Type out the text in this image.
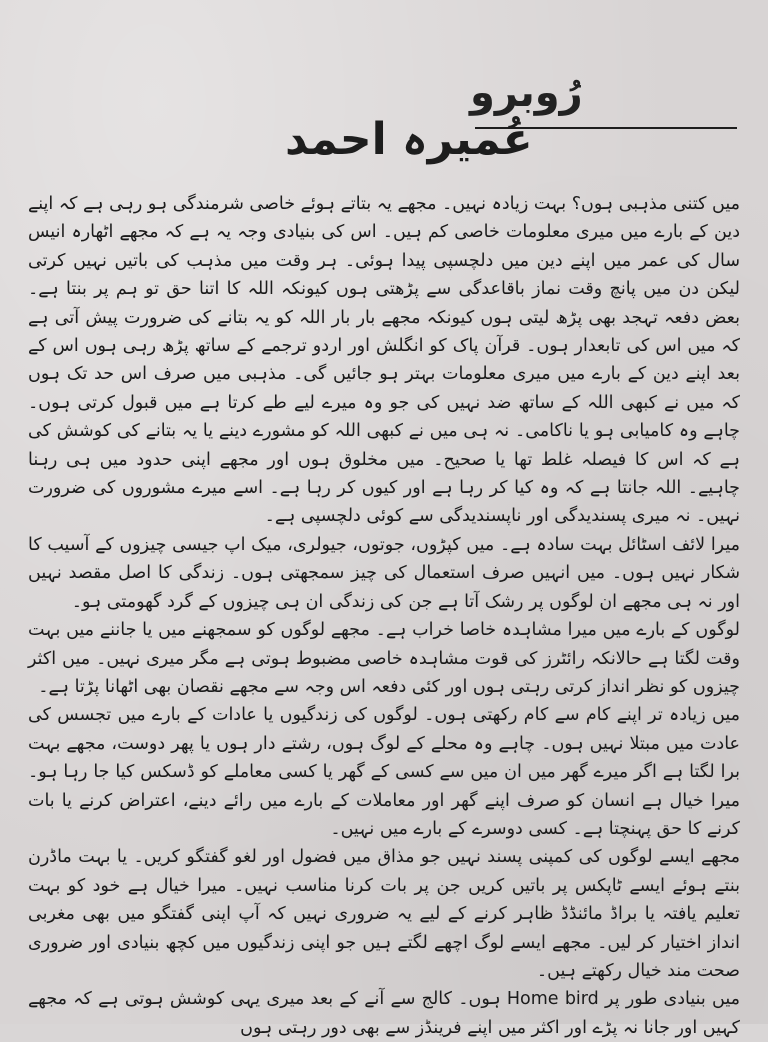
رُوبرو
عُمیرہ احمد

میں کتنی مذہبی ہوں؟ بہت زیادہ نہیں۔ مجھے یہ بتاتے ہوئے خاصی شرمندگی ہو رہی ہے کہ اپنے دین کے بارے میں میری معلومات خاصی کم ہیں۔ اس کی بنیادی وجہ یہ ہے کہ مجھے اٹھارہ انیس سال کی عمر میں اپنے دین میں دلچسپی پیدا ہوئی۔ ہر وقت میں مذہب کی باتیں نہیں کرتی لیکن دن میں پانچ وقت نماز باقاعدگی سے پڑھتی ہوں کیونکہ اللہ کا اتنا حق تو ہم پر بنتا ہے۔ بعض دفعہ تہجد بھی پڑھ لیتی ہوں کیونکہ مجھے بار بار اللہ کو یہ بتانے کی ضرورت پیش آتی ہے کہ میں اس کی تابعدار ہوں۔ قرآن پاک کو انگلش اور اردو ترجمے کے ساتھ پڑھ رہی ہوں اس کے بعد اپنے دین کے بارے میں میری معلومات بہتر ہو جائیں گی۔ مذہبی میں صرف اس حد تک ہوں کہ میں نے کبھی اللہ کے ساتھ ضد نہیں کی جو وہ میرے لیے طے کرتا ہے میں قبول کرتی ہوں۔ چاہے وہ کامیابی ہو یا ناکامی۔ نہ ہی میں نے کبھی اللہ کو مشورے دینے یا یہ بتانے کی کوشش کی ہے کہ اس کا فیصلہ غلط تھا یا صحیح۔ میں مخلوق ہوں اور مجھے اپنی حدود میں ہی رہنا چاہیے۔ اللہ جانتا ہے کہ وہ کیا کر رہا ہے اور کیوں کر رہا ہے۔ اسے میرے مشوروں کی ضرورت نہیں۔ نہ میری پسندیدگی اور ناپسندیدگی سے کوئی دلچسپی ہے۔

میرا لائف اسٹائل بہت سادہ ہے۔ میں کپڑوں، جوتوں، جیولری، میک اپ جیسی چیزوں کے آسیب کا شکار نہیں ہوں۔ میں انہیں صرف استعمال کی چیز سمجھتی ہوں۔ زندگی کا اصل مقصد نہیں اور نہ ہی مجھے ان لوگوں پر رشک آتا ہے جن کی زندگی ان ہی چیزوں کے گرد گھومتی ہو۔

لوگوں کے بارے میں میرا مشاہدہ خاصا خراب ہے۔ مجھے لوگوں کو سمجھنے میں یا جاننے میں بہت وقت لگتا ہے حالانکہ رائٹرز کی قوت مشاہدہ خاصی مضبوط ہوتی ہے مگر میری نہیں۔ میں اکثر چیزوں کو نظر انداز کرتی رہتی ہوں اور کئی دفعہ اس وجہ سے مجھے نقصان بھی اٹھانا پڑتا ہے۔

میں زیادہ تر اپنے کام سے کام رکھتی ہوں۔ لوگوں کی زندگیوں یا عادات کے بارے میں تجسس کی عادت میں مبتلا نہیں ہوں۔ چاہے وہ محلے کے لوگ ہوں، رشتے دار ہوں یا پھر دوست، مجھے بہت برا لگتا ہے اگر میرے گھر میں ان میں سے کسی کے گھر یا کسی معاملے کو ڈسکس کیا جا رہا ہو۔ میرا خیال ہے انسان کو صرف اپنے گھر اور معاملات کے بارے میں رائے دینے، اعتراض کرنے یا بات کرنے کا حق پہنچتا ہے۔ کسی دوسرے کے بارے میں نہیں۔

مجھے ایسے لوگوں کی کمپنی پسند نہیں جو مذاق میں فضول اور لغو گفتگو کریں۔ یا بہت ماڈرن بنتے ہوئے ایسے ٹاپکس پر باتیں کریں جن پر بات کرنا مناسب نہیں۔ میرا خیال ہے خود کو بہت تعلیم یافتہ یا براڈ مائنڈڈ ظاہر کرنے کے لیے یہ ضروری نہیں کہ آپ اپنی گفتگو میں بھی مغربی انداز اختیار کر لیں۔ مجھے ایسے لوگ اچھے لگتے ہیں جو اپنی زندگیوں میں کچھ بنیادی اور ضروری صحت مند خیال رکھتے ہیں۔

میں بنیادی طور پر Home bird ہوں۔ کالج سے آنے کے بعد میری یہی کوشش ہوتی ہے کہ مجھے کہیں اور جانا نہ پڑے اور اکثر میں اپنے فرینڈز سے بھی دور رہتی ہوں
